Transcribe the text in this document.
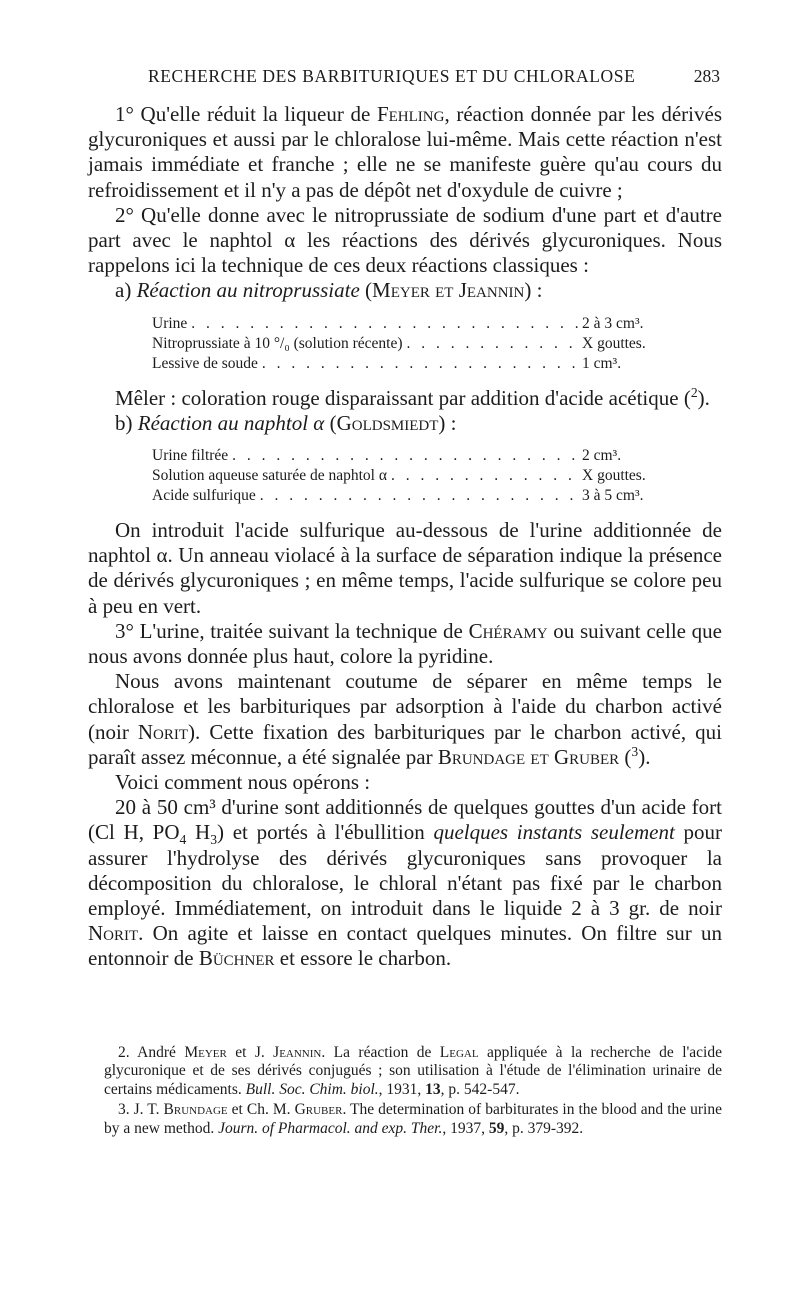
RECHERCHE DES BARBITURIQUES ET DU CHLORALOSE	283

1° Qu'elle réduit la liqueur de Fehling, réaction donnée par les dérivés glycuroniques et aussi par le chloralose lui-même. Mais cette réaction n'est jamais immédiate et franche ; elle ne se manifeste guère qu'au cours du refroidissement et il n'y a pas de dépôt net d'oxydule de cuivre ;

2° Qu'elle donne avec le nitroprussiate de sodium d'une part et d'autre part avec le naphtol α les réactions des dérivés glycuroniques. Nous rappelons ici la technique de ces deux réactions classiques :

a) Réaction au nitroprussiate (Meyer et Jeannin) :

Urine . . .	2 à 3 cm³.
Nitroprussiate à 10 °/₀ (solution récente) . . .	X gouttes.
Lessive de soude . . .	1 cm³.

Mêler : coloration rouge disparaissant par addition d'acide acétique ($^2$).

b) Réaction au naphtol α (Goldsmiedt) :

Urine filtrée . . .	2 cm³.
Solution aqueuse saturée de naphtol α . . .	X gouttes.
Acide sulfurique . . .	3 à 5 cm³.

On introduit l'acide sulfurique au-dessous de l'urine additionnée de naphtol α. Un anneau violacé à la surface de séparation indique la présence de dérivés glycuroniques ; en même temps, l'acide sulfurique se colore peu à peu en vert.

3° L'urine, traitée suivant la technique de Chéramy ou suivant celle que nous avons donnée plus haut, colore la pyridine.

Nous avons maintenant coutume de séparer en même temps le chloralose et les barbituriques par adsorption à l'aide du charbon activé (noir Norit). Cette fixation des barbituriques par le charbon activé, qui paraît assez méconnue, a été signalée par Brundage et Gruber ($^3$).

Voici comment nous opérons :

20 à 50 cm³ d'urine sont additionnés de quelques gouttes d'un acide fort (Cl H, $PO_4$ $H_3$) et portés à l'ébullition quelques instants seulement pour assurer l'hydrolyse des dérivés glycuroniques sans provoquer la décomposition du chloralose, le chloral n'étant pas fixé par le charbon employé. Immédiatement, on introduit dans le liquide 2 à 3 gr. de noir Norit. On agite et laisse en contact quelques minutes. On filtre sur un entonnoir de Büchner et essore le charbon.

2. André Meyer et J. Jeannin. La réaction de Legal appliquée à la recherche de l'acide glycuronique et de ses dérivés conjugués ; son utilisation à l'étude de l'élimination urinaire de certains médicaments. Bull. Soc. Chim. biol., 1931, 13, p. 542-547.

3. J. T. Brundage et Ch. M. Gruber. The determination of barbiturates in the blood and the urine by a new method. Journ. of Pharmacol. and exp. Ther., 1937, 59, p. 379-392.
